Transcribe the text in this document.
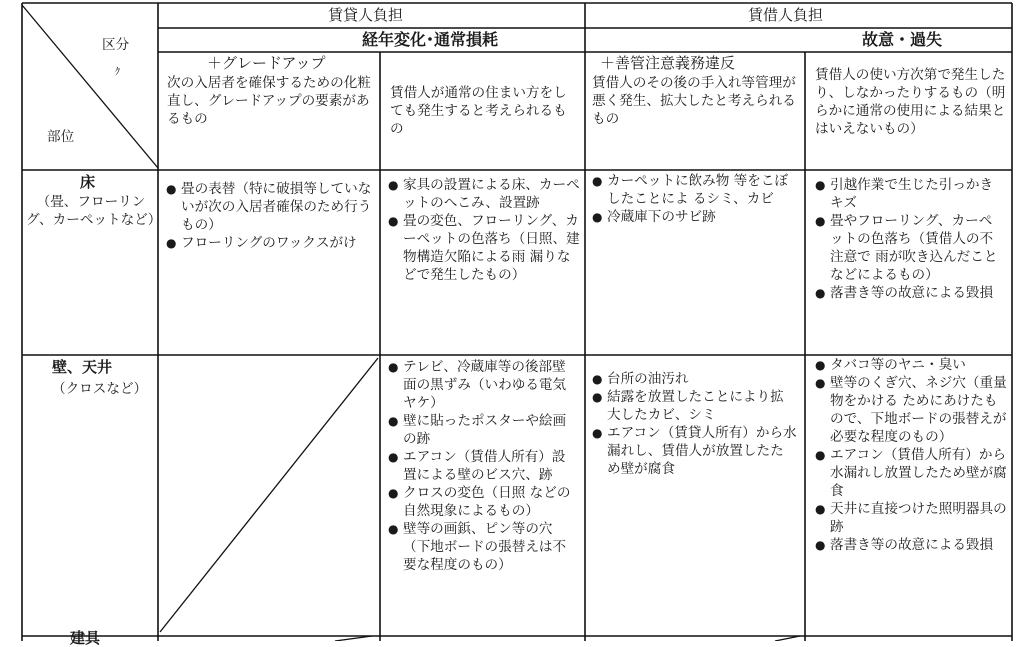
区分
ｸ
部位
賃貸人負担	賃借人負担
経年変化･通常損耗	故意・過失
＋グレードアップ
次の入居者を確保するための化粧直し、グレードアップの要素があるもの
賃借人が通常の住まい方をしても発生すると考えられるもの
＋善管注意義務違反
賃借人のその後の手入れ等管理が悪く発生、拡大したと考えられるもの
賃借人の使い方次第で発生したり、しなかったりするもの（明らかに通常の使用による結果とはいえないもの）
床
（畳、フローリング、カーペットなど）
● 畳の表替（特に破損等していないが次の入居者確保のため行うもの）
● フローリングのワックスがけ
● 家具の設置による床、カーペットのへこみ、設置跡
● 畳の変色、フローリング、カーペットの色落ち（日照、建物構造欠陥による雨 漏りなどで発生したもの）
● カーペットに飲み物 等をこぼしたことによ るシミ、カビ
● 冷蔵庫下のサビ跡
● 引越作業で生じた引っかきキズ
● 畳やフローリング、カーペットの色落ち（賃借人の不注意で 雨が吹き込んだことなどによるもの）
● 落書き等の故意による毀損
壁、天井
（クロスなど）
● テレビ、冷蔵庫等の後部壁面の黒ずみ（いわゆる電気ヤケ）
● 壁に貼ったポスターや絵画の跡
● エアコン（賃借人所有）設置による壁のビス穴、跡
● クロスの変色（日照 などの自然現象によるもの）
● 壁等の画鋲、ピン等の穴（下地ボードの張替えは不要な程度のもの）
● 台所の油汚れ
● 結露を放置したことにより拡大したカビ、シミ
● エアコン（賃貸人所有）から水漏れし、賃借人が放置したため壁が腐食
● タバコ等のヤニ・臭い
● 壁等のくぎ穴、ネジ穴（重量物をかける ためにあけたもので、下地ボードの張替えが必要な程度のもの）
● エアコン（賃借人所有）から水漏れし放置したため壁が腐食
● 天井に直接つけた照明器具の跡
● 落書き等の故意による毀損
建具
